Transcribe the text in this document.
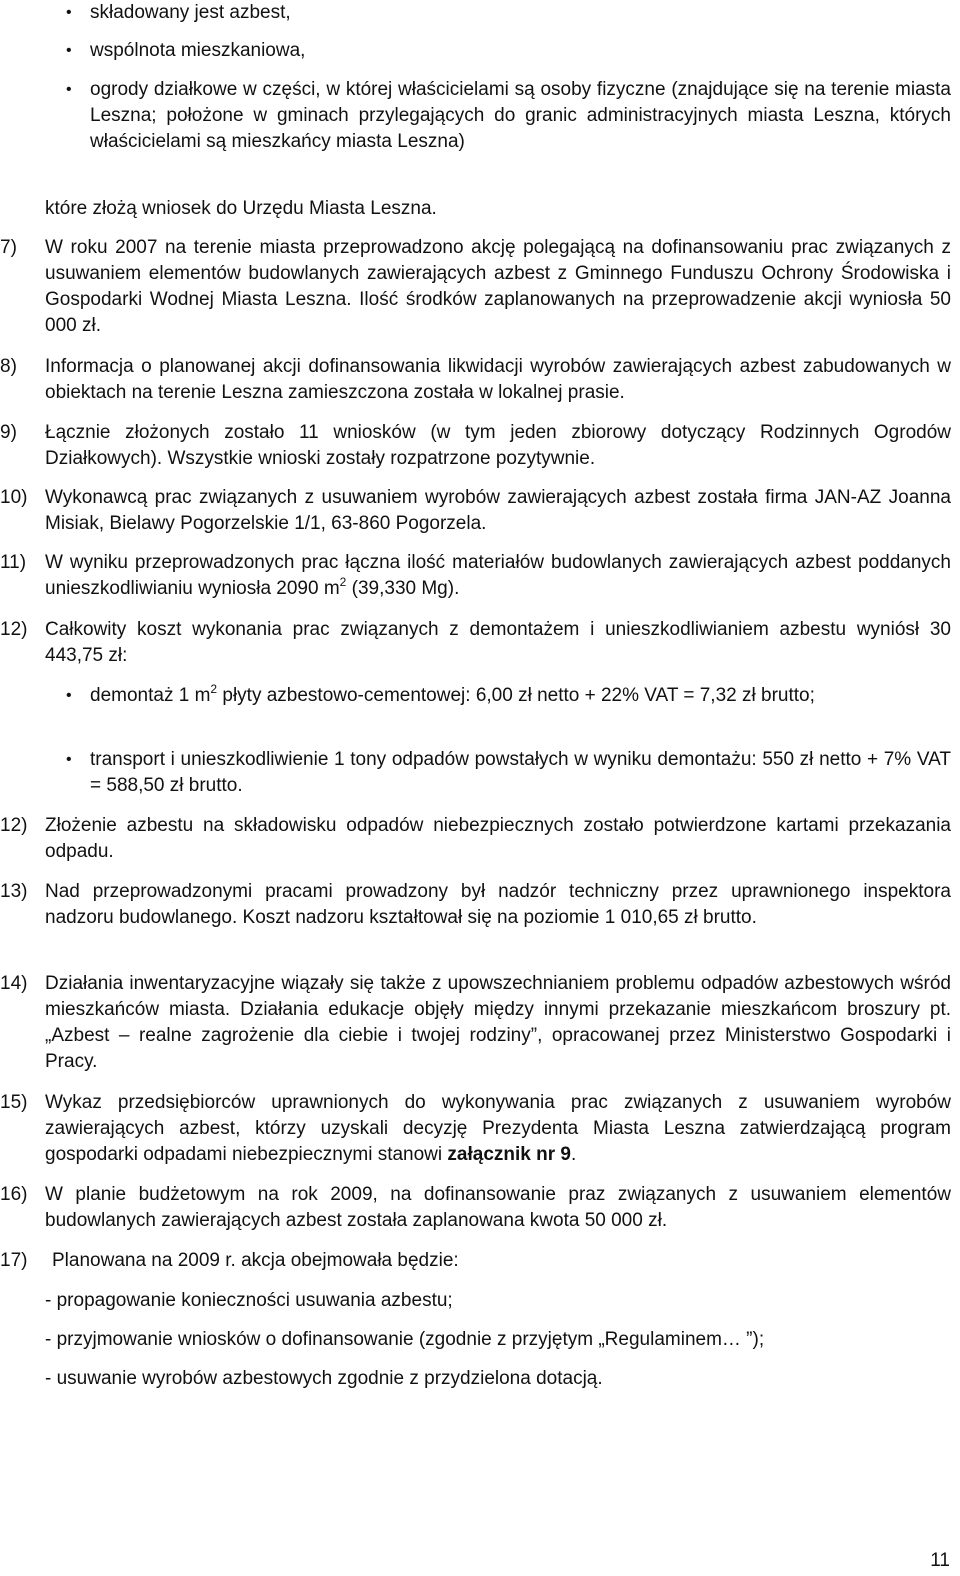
• składowany jest azbest,
• wspólnota mieszkaniowa,
• ogrody działkowe w części, w której właścicielami są osoby fizyczne (znajdujące się na terenie miasta Leszna; położone w gminach przylegających do granic administracyjnych miasta Leszna, których właścicielami są mieszkańcy miasta Leszna)
które złożą wniosek do Urzędu Miasta Leszna.
7) W roku 2007 na terenie miasta przeprowadzono akcję polegającą na dofinansowaniu prac związanych z usuwaniem elementów budowlanych zawierających azbest z Gminnego Funduszu Ochrony Środowiska i Gospodarki Wodnej Miasta Leszna. Ilość środków zaplanowanych na przeprowadzenie akcji wyniosła 50 000 zł.
8) Informacja o planowanej akcji dofinansowania likwidacji wyrobów zawierających azbest zabudowanych w obiektach na terenie Leszna zamieszczona została w lokalnej prasie.
9) Łącznie złożonych zostało 11 wniosków (w tym jeden zbiorowy dotyczący Rodzinnych Ogrodów Działkowych). Wszystkie wnioski zostały rozpatrzone pozytywnie.
10) Wykonawcą prac związanych z usuwaniem wyrobów zawierających azbest została firma JAN-AZ Joanna Misiak, Bielawy Pogorzelskie 1/1, 63-860 Pogorzela.
11) W wyniku przeprowadzonych prac łączna ilość materiałów budowlanych zawierających azbest poddanych unieszkodliwianiu wyniosła 2090 $m^2$ (39,330 Mg).
12) Całkowity koszt wykonania prac związanych z demontażem i unieszkodliwianiem azbestu wyniósł 30 443,75 zł:
• demontaż 1 $m^2$ płyty azbestowo-cementowej: 6,00 zł netto + 22% VAT = 7,32 zł brutto;
• transport i unieszkodliwienie 1 tony odpadów powstałych w wyniku demontażu: 550 zł netto + 7% VAT = 588,50 zł brutto.
12) Złożenie azbestu na składowisku odpadów niebezpiecznych zostało potwierdzone kartami przekazania odpadu.
13) Nad przeprowadzonymi pracami prowadzony był nadzór techniczny przez uprawnionego inspektora nadzoru budowlanego. Koszt nadzoru kształtował się na poziomie 1 010,65 zł brutto.
14) Działania inwentaryzacyjne wiązały się także z upowszechnianiem problemu odpadów azbestowych wśród mieszkańców miasta. Działania edukacje objęły między innymi przekazanie mieszkańcom broszury pt. „Azbest – realne zagrożenie dla ciebie i twojej rodziny”, opracowanej przez Ministerstwo Gospodarki i Pracy.
15) Wykaz przedsiębiorców uprawnionych do wykonywania prac związanych z usuwaniem wyrobów zawierających azbest, którzy uzyskali decyzję Prezydenta Miasta Leszna zatwierdzającą program gospodarki odpadami niebezpiecznymi stanowi załącznik nr 9.
16) W planie budżetowym na rok 2009, na dofinansowanie praz związanych z usuwaniem elementów budowlanych zawierających azbest została zaplanowana kwota 50 000 zł.
17) Planowana na 2009 r. akcja obejmowała będzie:
- propagowanie konieczności usuwania azbestu;
- przyjmowanie wniosków o dofinansowanie (zgodnie z przyjętym „Regulaminem… ”);
- usuwanie wyrobów azbestowych zgodnie z przydzielona dotacją.
11
